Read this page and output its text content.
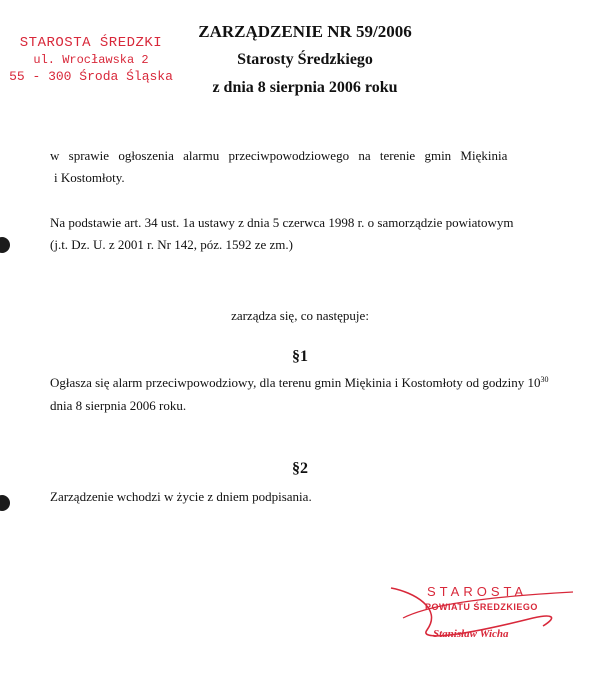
STAROSTA ŚREDZKI
ul. Wrocławska 2
55 - 300 Środa Śląska
ZARZĄDZENIE NR 59/2006
Starosty Średzkiego
z dnia 8 sierpnia 2006 roku
w sprawie ogłoszenia alarmu przeciwpowodziowego na terenie gmin Miękinia
i Kostomłoty.
Na podstawie art. 34 ust. 1a ustawy z dnia 5 czerwca 1998 r. o samorządzie powiatowym
(j.t. Dz. U. z 2001 r. Nr 142, póz. 1592 ze zm.)
zarządza się, co następuje:
§1
Ogłasza się alarm przeciwpowodziowy, dla terenu gmin Miękinia i Kostomłoty od godziny $10^{30}$
dnia 8 sierpnia 2006 roku.
§2
Zarządzenie wchodzi w życie z dniem podpisania.
STAROSTA
POWIATU ŚREDZKIEGO
Stanisław Wicha
